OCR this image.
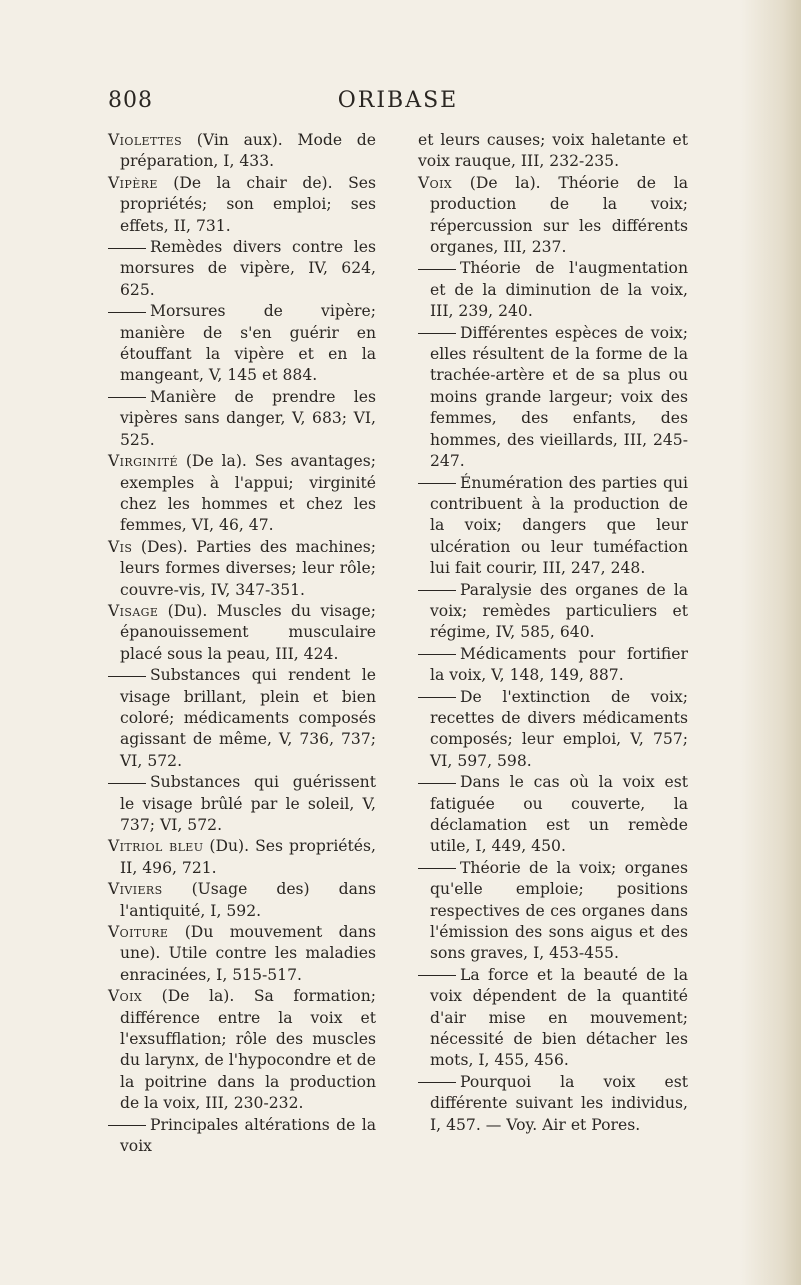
808	ORIBASE

Violettes (Vin aux). Mode de préparation, I, 433.

Vipère (De la chair de). Ses propriétés; son emploi; ses effets, II, 731.

Remèdes divers contre les morsures de vipère, IV, 624, 625.

Morsures de vipère; manière de s'en guérir en étouffant la vipère et en la mangeant, V, 145 et 884.

Manière de prendre les vipères sans danger, V, 683; VI, 525.

Virginité (De la). Ses avantages; exemples à l'appui; virginité chez les hommes et chez les femmes, VI, 46, 47.

Vis (Des). Parties des machines; leurs formes diverses; leur rôle; couvre-vis, IV, 347-351.

Visage (Du). Muscles du visage; épanouissement musculaire placé sous la peau, III, 424.

Substances qui rendent le visage brillant, plein et bien coloré; médicaments composés agissant de même, V, 736, 737; VI, 572.

Substances qui guérissent le visage brûlé par le soleil, V, 737; VI, 572.

Vitriol bleu (Du). Ses propriétés, II, 496, 721.

Viviers (Usage des) dans l'antiquité, I, 592.

Voiture (Du mouvement dans une). Utile contre les maladies enracinées, I, 515-517.

Voix (De la). Sa formation; différence entre la voix et l'exsufflation; rôle des muscles du larynx, de l'hypocondre et de la poitrine dans la production de la voix, III, 230-232.

Principales altérations de la voix

et leurs causes; voix haletante et voix rauque, III, 232-235.

Voix (De la). Théorie de la production de la voix; répercussion sur les différents organes, III, 237.

Théorie de l'augmentation et de la diminution de la voix, III, 239, 240.

Différentes espèces de voix; elles résultent de la forme de la trachée-artère et de sa plus ou moins grande largeur; voix des femmes, des enfants, des hommes, des vieillards, III, 245-247.

Énumération des parties qui contribuent à la production de la voix; dangers que leur ulcération ou leur tuméfaction lui fait courir, III, 247, 248.

Paralysie des organes de la voix; remèdes particuliers et régime, IV, 585, 640.

Médicaments pour fortifier la voix, V, 148, 149, 887.

De l'extinction de voix; recettes de divers médicaments composés; leur emploi, V, 757; VI, 597, 598.

Dans le cas où la voix est fatiguée ou couverte, la déclamation est un remède utile, I, 449, 450.

Théorie de la voix; organes qu'elle emploie; positions respectives de ces organes dans l'émission des sons aigus et des sons graves, I, 453-455.

La force et la beauté de la voix dépendent de la quantité d'air mise en mouvement; nécessité de bien détacher les mots, I, 455, 456.

Pourquoi la voix est différente suivant les individus, I, 457. — Voy. Air et Pores.
